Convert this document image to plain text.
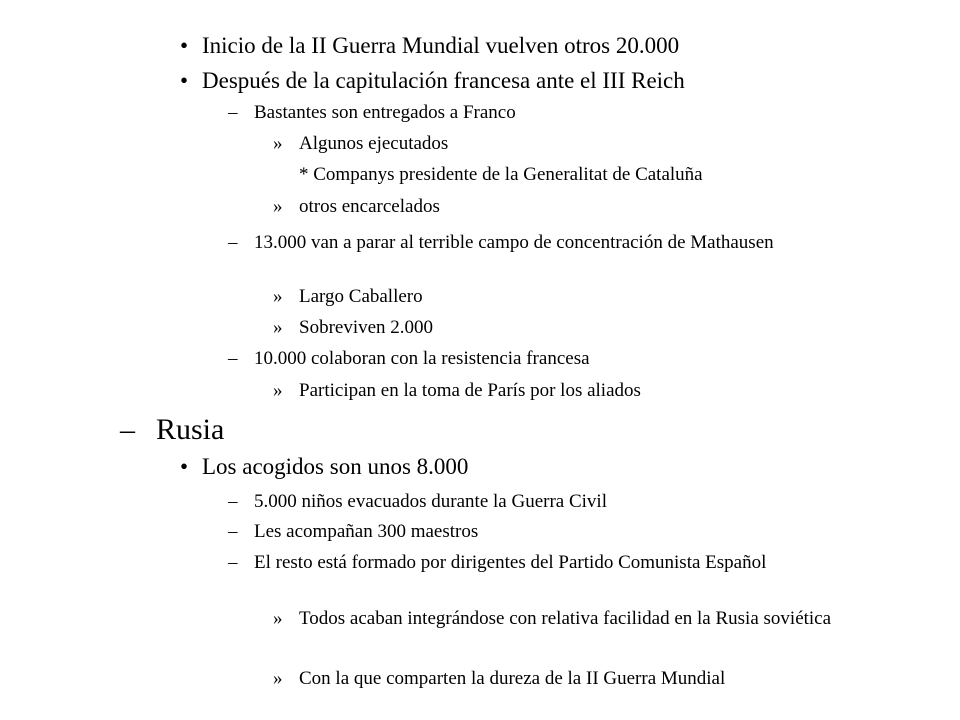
• Inicio de la II Guerra Mundial vuelven otros 20.000
• Después de la capitulación francesa ante el III Reich
– Bastantes son entregados a Franco
» Algunos ejecutados
* Companys presidente de la Generalitat de Cataluña
» otros encarcelados
– 13.000 van a parar al terrible campo de concentración de Mathausen
» Largo Caballero
» Sobreviven 2.000
– 10.000 colaboran con la resistencia francesa
» Participan en la toma de París por los aliados
– Rusia
• Los acogidos son unos 8.000
– 5.000 niños evacuados durante la Guerra Civil
– Les acompañan 300 maestros
– El resto está formado por dirigentes del Partido Comunista Español
» Todos acaban integrándose con relativa facilidad en la Rusia soviética
» Con la que comparten la dureza de la II Guerra Mundial
